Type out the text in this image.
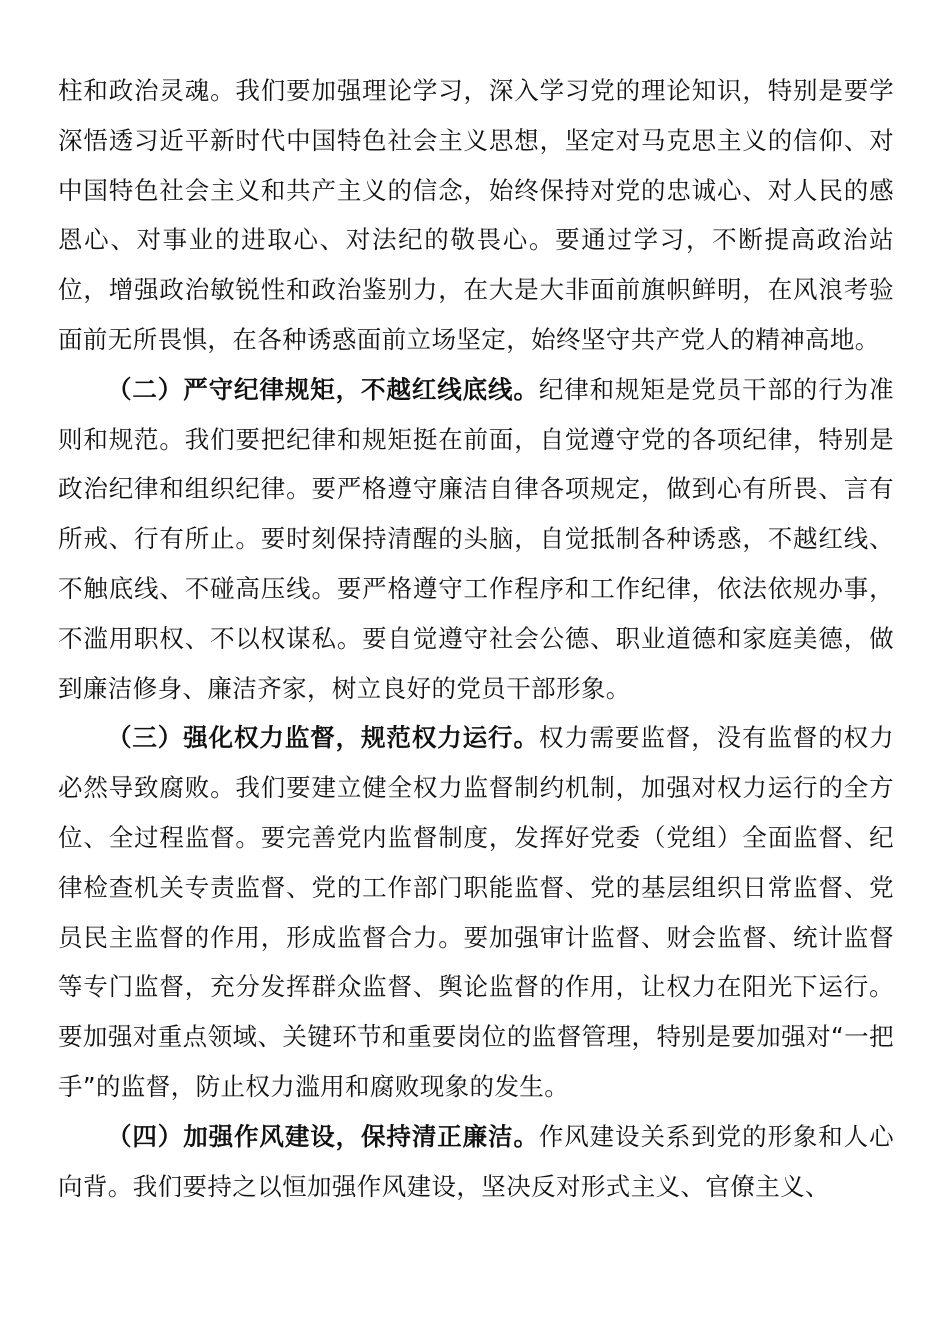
柱和政治灵魂。我们要加强理论学习，深入学习党的理论知识，特别是要学深悟透习近平新时代中国特色社会主义思想，坚定对马克思主义的信仰、对中国特色社会主义和共产主义的信念，始终保持对党的忠诚心、对人民的感恩心、对事业的进取心、对法纪的敬畏心。要通过学习，不断提高政治站位，增强政治敏锐性和政治鉴别力，在大是大非面前旗帜鲜明，在风浪考验面前无所畏惧，在各种诱惑面前立场坚定，始终坚守共产党人的精神高地。

（二）严守纪律规矩，不越红线底线。纪律和规矩是党员干部的行为准则和规范。我们要把纪律和规矩挺在前面，自觉遵守党的各项纪律，特别是政治纪律和组织纪律。要严格遵守廉洁自律各项规定，做到心有所畏、言有所戒、行有所止。要时刻保持清醒的头脑，自觉抵制各种诱惑，不越红线、不触底线、不碰高压线。要严格遵守工作程序和工作纪律，依法依规办事，不滥用职权、不以权谋私。要自觉遵守社会公德、职业道德和家庭美德，做到廉洁修身、廉洁齐家，树立良好的党员干部形象。

（三）强化权力监督，规范权力运行。权力需要监督，没有监督的权力必然导致腐败。我们要建立健全权力监督制约机制，加强对权力运行的全方位、全过程监督。要完善党内监督制度，发挥好党委（党组）全面监督、纪律检查机关专责监督、党的工作部门职能监督、党的基层组织日常监督、党员民主监督的作用，形成监督合力。要加强审计监督、财会监督、统计监督等专门监督，充分发挥群众监督、舆论监督的作用，让权力在阳光下运行。要加强对重点领域、关键环节和重要岗位的监督管理，特别是要加强对“一把手”的监督，防止权力滥用和腐败现象的发生。

（四）加强作风建设，保持清正廉洁。作风建设关系到党的形象和人心向背。我们要持之以恒加强作风建设，坚决反对形式主义、官僚主义、
